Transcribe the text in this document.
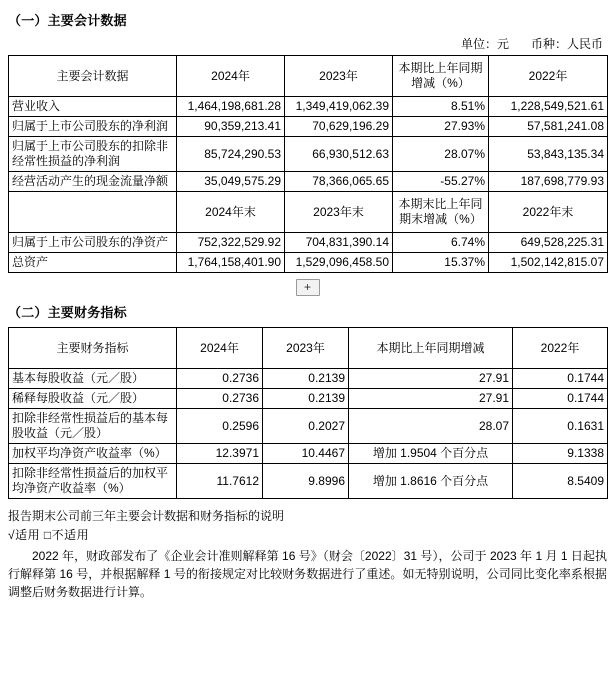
（一）主要会计数据
单位：元 币种：人民币
主要会计数据	2024年	2023年	本期比上年同期增减（%）	2022年
营业收入	1,464,198,681.28	1,349,419,062.39	8.51%	1,228,549,521.61
归属于上市公司股东的净利润	90,359,213.41	70,629,196.29	27.93%	57,581,241.08
归属于上市公司股东的扣除非经常性损益的净利润	85,724,290.53	66,930,512.63	28.07%	53,843,135.34
经营活动产生的现金流量净额	35,049,575.29	78,366,065.65	-55.27%	187,698,779.93
	2024年末	2023年末	本期末比上年同期末增减（%）	2022年末
归属于上市公司股东的净资产	752,322,529.92	704,831,390.14	6.74%	649,528,225.31
总资产	1,764,158,401.90	1,529,096,458.50	15.37%	1,502,142,815.07
+
（二）主要财务指标
主要财务指标	2024年	2023年	本期比上年同期增减	2022年
基本每股收益（元／股）	0.2736	0.2139	27.91	0.1744
稀释每股收益（元／股）	0.2736	0.2139	27.91	0.1744
扣除非经常性损益后的基本每股收益（元／股）	0.2596	0.2027	28.07	0.1631
加权平均净资产收益率（%）	12.3971	10.4467	增加 1.9504 个百分点	9.1338
扣除非经常性损益后的加权平均净资产收益率（%）	11.7612	9.8996	增加 1.8616 个百分点	8.5409
报告期末公司前三年主要会计数据和财务指标的说明
√适用 □不适用
2022 年，财政部发布了《企业会计准则解释第 16 号》（财会〔2022〕31 号），公司于 2023 年 1 月 1 日起执行解释第 16 号，并根据解释 1 号的衔接规定对比较财务数据进行了重述。如无特别说明，公司同比变化率系根据调整后财务数据进行计算。
